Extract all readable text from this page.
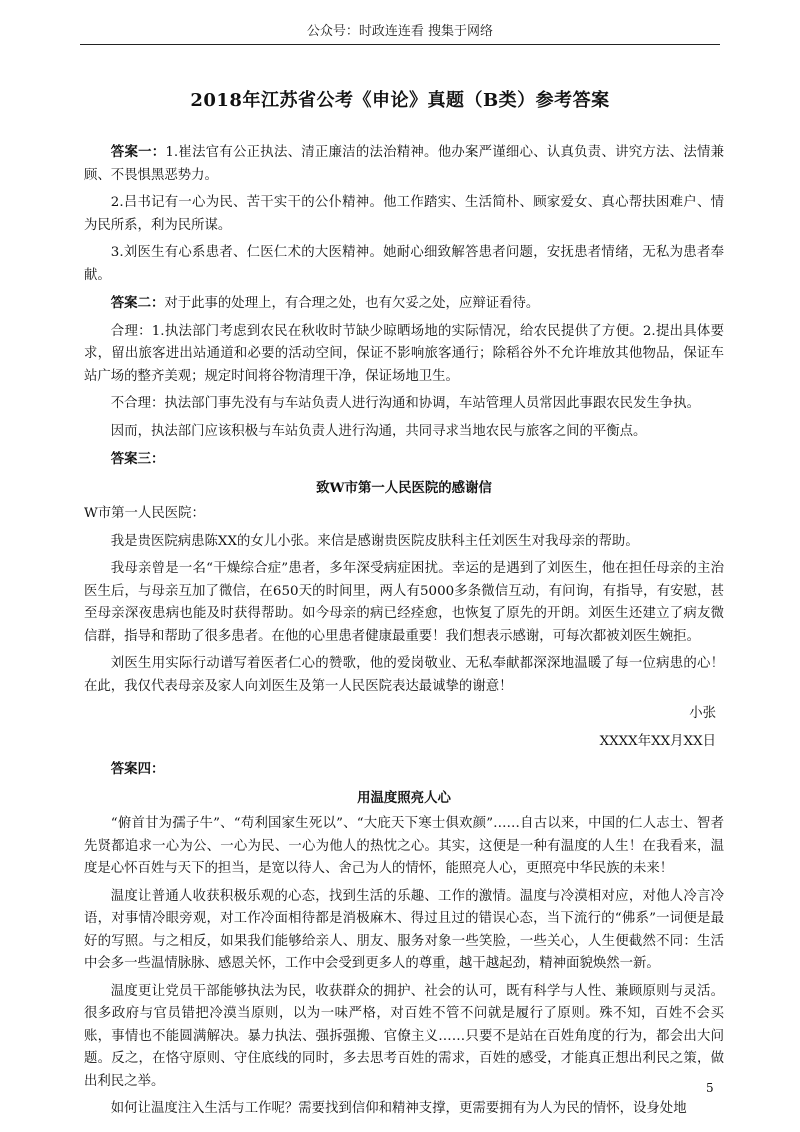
公众号：时政连连看 搜集于网络
2018年江苏省公考《申论》真题（B类）参考答案

答案一：1.崔法官有公正执法、清正廉洁的法治精神。他办案严谨细心、认真负责、讲究方法、法情兼顾、不畏惧黑恶势力。

2.吕书记有一心为民、苦干实干的公仆精神。他工作踏实、生活简朴、顾家爱女、真心帮扶困难户、情为民所系，利为民所谋。

3.刘医生有心系患者、仁医仁术的大医精神。她耐心细致解答患者问题，安抚患者情绪，无私为患者奉献。

答案二：对于此事的处理上，有合理之处，也有欠妥之处，应辩证看待。

合理：1.执法部门考虑到农民在秋收时节缺少晾晒场地的实际情况，给农民提供了方便。2.提出具体要求，留出旅客进出站通道和必要的活动空间，保证不影响旅客通行；除稻谷外不允许堆放其他物品，保证车站广场的整齐美观；规定时间将谷物清理干净，保证场地卫生。

不合理：执法部门事先没有与车站负责人进行沟通和协调，车站管理人员常因此事跟农民发生争执。

因而，执法部门应该积极与车站负责人进行沟通，共同寻求当地农民与旅客之间的平衡点。

答案三：

致W市第一人民医院的感谢信

W市第一人民医院：

我是贵医院病患陈XX的女儿小张。来信是感谢贵医院皮肤科主任刘医生对我母亲的帮助。

我母亲曾是一名“干燥综合症”患者，多年深受病症困扰。幸运的是遇到了刘医生，他在担任母亲的主治医生后，与母亲互加了微信，在650天的时间里，两人有5000多条微信互动，有问询，有指导，有安慰，甚至母亲深夜患病也能及时获得帮助。如今母亲的病已经痊愈，也恢复了原先的开朗。刘医生还建立了病友微信群，指导和帮助了很多患者。在他的心里患者健康最重要！我们想表示感谢，可每次都被刘医生婉拒。

刘医生用实际行动谱写着医者仁心的赞歌，他的爱岗敬业、无私奉献都深深地温暖了每一位病患的心！在此，我仅代表母亲及家人向刘医生及第一人民医院表达最诚挚的谢意！

小张

XXXX年XX月XX日

答案四：

用温度照亮人心

“俯首甘为孺子牛”、“苟利国家生死以”、“大庇天下寒士俱欢颜”……自古以来，中国的仁人志士、智者先贤都追求一心为公、一心为民、一心为他人的热忱之心。其实，这便是一种有温度的人生！在我看来，温度是心怀百姓与天下的担当，是宽以待人、舍己为人的情怀，能照亮人心，更照亮中华民族的未来！

温度让普通人收获积极乐观的心态，找到生活的乐趣、工作的激情。温度与冷漠相对应，对他人冷言冷语，对事情冷眼旁观，对工作冷面相待都是消极麻木、得过且过的错误心态，当下流行的“佛系”一词便是最好的写照。与之相反，如果我们能够给亲人、朋友、服务对象一些笑脸，一些关心，人生便截然不同：生活中会多一些温情脉脉、感恩关怀，工作中会受到更多人的尊重，越干越起劲，精神面貌焕然一新。

温度更让党员干部能够执法为民，收获群众的拥护、社会的认可，既有科学与人性、兼顾原则与灵活。很多政府与官员错把冷漠当原则，以为一味严格，对百姓不管不问就是履行了原则。殊不知，百姓不会买账，事情也不能圆满解决。暴力执法、强拆强搬、官僚主义……只要不是站在百姓角度的行为，都会出大问题。反之，在恪守原则、守住底线的同时，多去思考百姓的需求，百姓的感受，才能真正想出利民之策，做出利民之举。

如何让温度注入生活与工作呢？需要找到信仰和精神支撑，更需要拥有为人为民的情怀，设身处地

5
